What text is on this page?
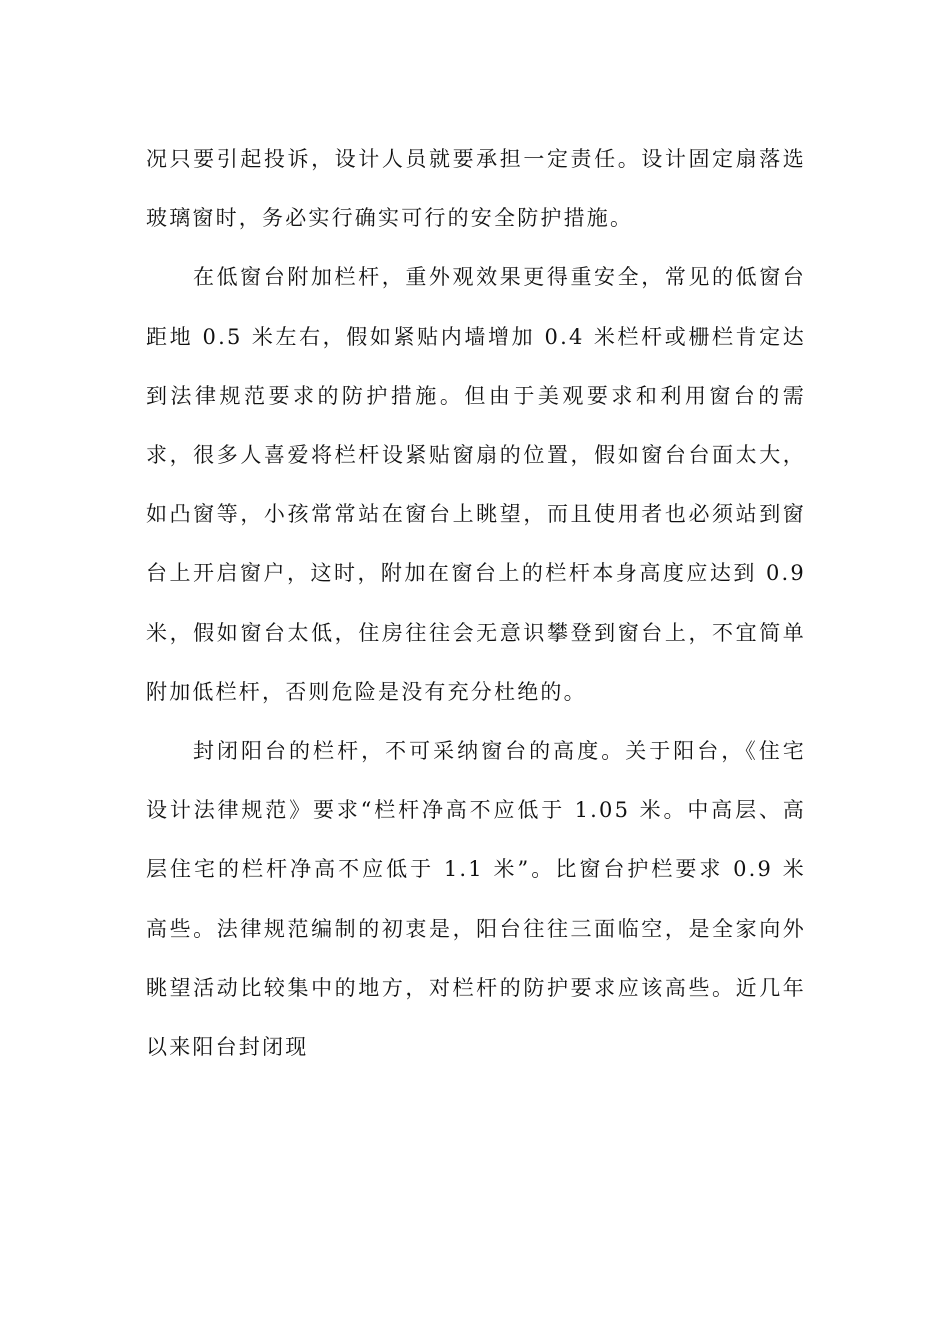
况只要引起投诉，设计人员就要承担一定责任。设计固定扇落选玻璃窗时，务必实行确实可行的安全防护措施。

在低窗台附加栏杆，重外观效果更得重安全，常见的低窗台距地 0.5 米左右，假如紧贴内墙增加 0.4 米栏杆或栅栏肯定达到法律规范要求的防护措施。但由于美观要求和利用窗台的需求，很多人喜爱将栏杆设紧贴窗扇的位置，假如窗台台面太大，如凸窗等，小孩常常站在窗台上眺望，而且使用者也必须站到窗台上开启窗户，这时，附加在窗台上的栏杆本身高度应达到 0.9 米，假如窗台太低，住房往往会无意识攀登到窗台上，不宜简单附加低栏杆，否则危险是没有充分杜绝的。

封闭阳台的栏杆，不可采纳窗台的高度。关于阳台，《住宅设计法律规范》要求“栏杆净高不应低于 1.05 米。中高层、高层住宅的栏杆净高不应低于 1.1 米”。比窗台护栏要求 0.9 米高些。法律规范编制的初衷是，阳台往往三面临空，是全家向外眺望活动比较集中的地方，对栏杆的防护要求应该高些。近几年以来阳台封闭现
